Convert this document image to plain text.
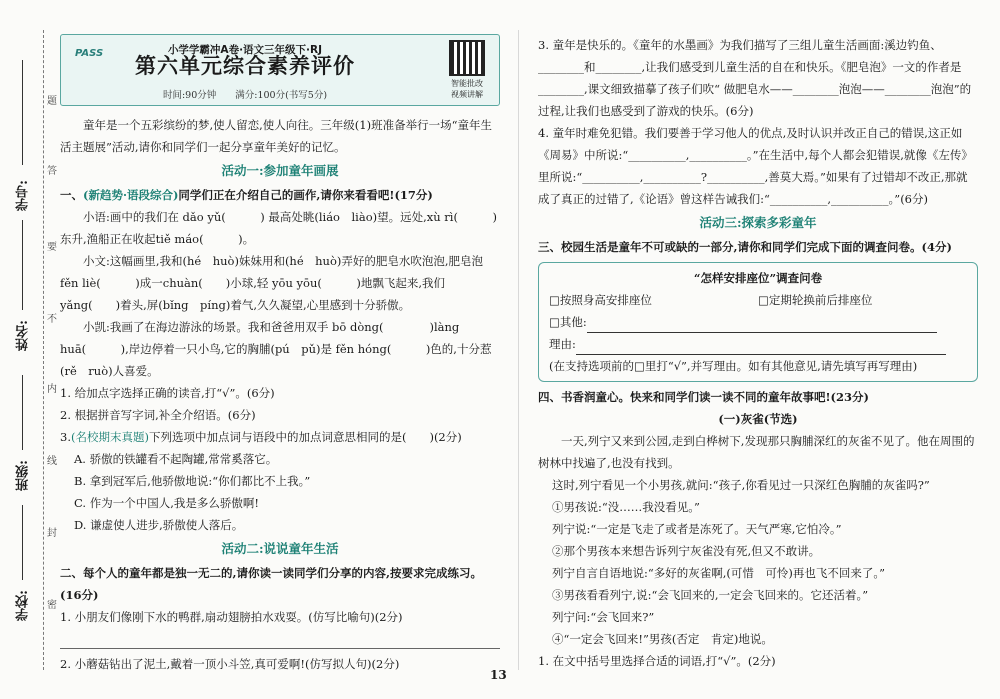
题
答
要
不
内
线
封
密
学号:
姓名:
班级:
学校:
PASS	小学学霸冲A卷·语文三年级下·RJ
第六单元综合素养评价
时间:90分钟　　满分:100分(书写5分)
智能批改
视频讲解

童年是一个五彩缤纷的梦,使人留恋,使人向往。三年级(1)班准备举行一场“童年生活主题展”活动,请你和同学们一起分享童年美好的记忆。

活动一:参加童年画展

一、(新趋势·语段综合)同学们正在介绍自己的画作,请你来看看吧!(17分)

小语:画中的我们在 dǎo yǔ(　　　) 最高处眺(liáo　liào)望。远处,xù rì(　　　)东升,渔船正在收起tiě máo(　　　)。

小文:这幅画里,我和(hé　huò)妹妹用和(hé　huò)弄好的肥皂水吹泡泡,肥皂泡 fěn liè(　　　)成一chuàn(　　)小球,轻 yōu yōu(　　　)地飘飞起来,我们 yǎng(　　)着头,屏(bǐng　píng)着气,久久凝望,心里感到十分骄傲。

小凯:我画了在海边游泳的场景。我和爸爸用双手 bō dòng(　　　　)làng huā(　　　),岸边停着一只小鸟,它的胸脯(pú　pǔ)是 fěn hóng(　　　)色的,十分惹(rě　ruò)人喜爱。

1. 给加点字选择正确的读音,打“√”。(6分)

2. 根据拼音写字词,补全介绍语。(6分)

3.(名校期末真题)下列选项中加点词与语段中的加点词意思相同的是(　　)(2分)

A. 骄傲的铁罐看不起陶罐,常常奚落它。

B. 拿到冠军后,他骄傲地说:“你们都比不上我。”

C. 作为一个中国人,我是多么骄傲啊!

D. 谦虚使人进步,骄傲使人落后。

活动二:说说童年生活

二、每个人的童年都是独一无二的,请你读一读同学们分享的内容,按要求完成练习。(16分)

1. 小朋友们像刚下水的鸭群,扇动翅膀拍水戏耍。(仿写比喻句)(2分)

2. 小蘑菇钻出了泥土,戴着一顶小斗笠,真可爱啊!(仿写拟人句)(2分)

3. 童年是快乐的。《童年的水墨画》为我们描写了三组儿童生活画面:溪边钓鱼、________和________,让我们感受到儿童生活的自在和快乐。《肥皂泡》一文的作者是________,课文细致描摹了孩子们吹“ 做肥皂水——________泡泡——________泡泡”的过程,让我们也感受到了游戏的快乐。(6分)

4. 童年时难免犯错。我们要善于学习他人的优点,及时认识并改正自己的错误,这正如《周易》中所说:“__________,__________。”在生活中,每个人都会犯错误,就像《左传》里所说:“__________,__________?__________,善莫大焉。”如果有了过错却不改正,那就成了真正的过错了,《论语》曾这样告诫我们:“__________,__________。”(6分)

活动三:探索多彩童年

三、校园生活是童年不可或缺的一部分,请你和同学们完成下面的调查问卷。(4分)

“怎样安排座位”调查问卷
□按照身高安排座位	□定期轮换前后排座位
□其他:
理由:
(在支持选项前的□里打“√”,并写理由。如有其他意见,请先填写再写理由)

四、书香润童心。快来和同学们读一读不同的童年故事吧!(23分)

(一)灰雀(节选)

一天,列宁又来到公园,走到白桦树下,发现那只胸脯深红的灰雀不见了。他在周围的树林中找遍了,也没有找到。

这时,列宁看见一个小男孩,就问:“孩子,你看见过一只深红色胸脯的灰雀吗?”

①男孩说:“没……我没看见。”

列宁说:“一定是飞走了或者是冻死了。天气严寒,它怕冷。”

②那个男孩本来想告诉列宁灰雀没有死,但又不敢讲。

列宁自言自语地说:“多好的灰雀啊,(可惜　可怜)再也飞不回来了。”

③男孩看看列宁,说:“会飞回来的,一定会飞回来的。它还活着。”

列宁问:“会飞回来?”

④“一定会飞回来!”男孩(否定　肯定)地说。

1. 在文中括号里选择合适的词语,打“√”。(2分)

13
